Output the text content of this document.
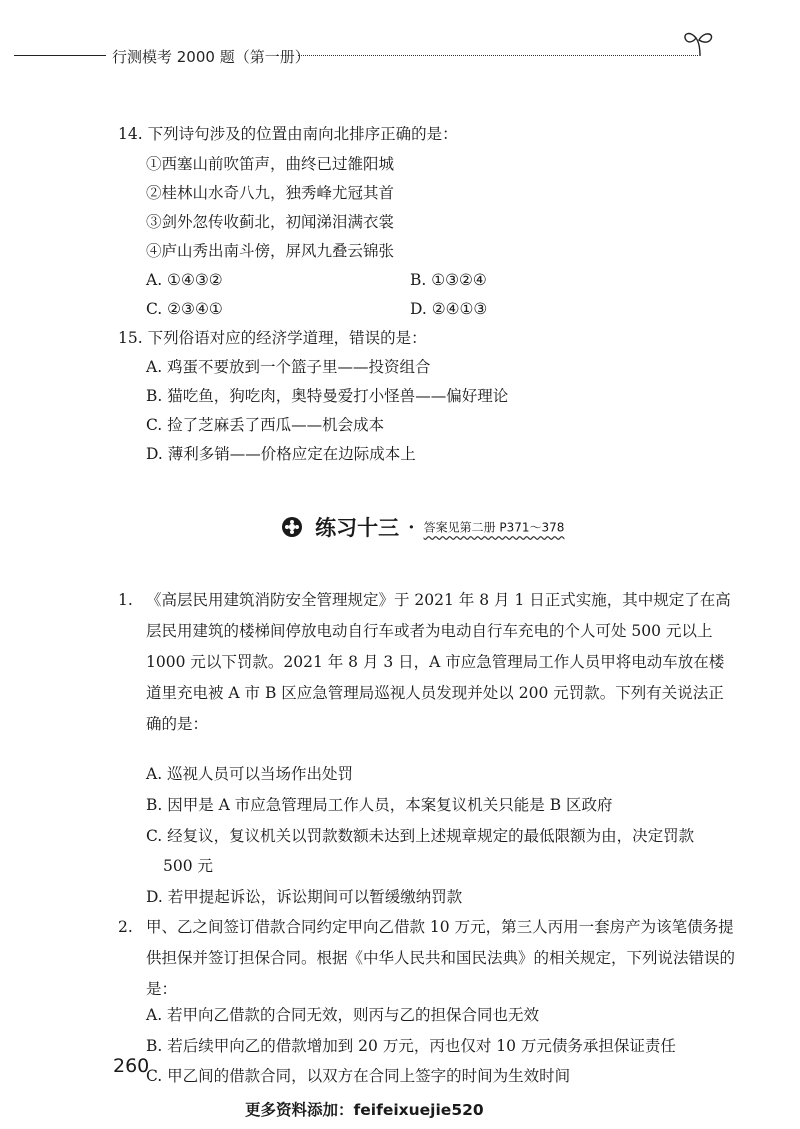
行测模考 2000 题（第一册）
14. 下列诗句涉及的位置由南向北排序正确的是：
①西塞山前吹笛声，曲终已过雒阳城
②桂林山水奇八九，独秀峰尤冠其首
③剑外忽传收蓟北，初闻涕泪满衣裳
④庐山秀出南斗傍，屏风九叠云锦张
A. ①④③②	B. ①③②④
C. ②③④①	D. ②④①③
15. 下列俗语对应的经济学道理，错误的是：
A. 鸡蛋不要放到一个篮子里——投资组合
B. 猫吃鱼，狗吃肉，奥特曼爱打小怪兽——偏好理论
C. 捡了芝麻丢了西瓜——机会成本
D. 薄利多销——价格应定在边际成本上
练习十三 · 答案见第二册 P371～378
1. 《高层民用建筑消防安全管理规定》于 2021 年 8 月 1 日正式实施，其中规定了在高层民用建筑的楼梯间停放电动自行车或者为电动自行车充电的个人可处 500 元以上 1000 元以下罚款。2021 年 8 月 3 日，A 市应急管理局工作人员甲将电动车放在楼道里充电被 A 市 B 区应急管理局巡视人员发现并处以 200 元罚款。下列有关说法正确的是：
A. 巡视人员可以当场作出处罚
B. 因甲是 A 市应急管理局工作人员，本案复议机关只能是 B 区政府
C. 经复议，复议机关以罚款数额未达到上述规章规定的最低限额为由，决定罚款
500 元
D. 若甲提起诉讼，诉讼期间可以暂缓缴纳罚款
2. 甲、乙之间签订借款合同约定甲向乙借款 10 万元，第三人丙用一套房产为该笔债务提供担保并签订担保合同。根据《中华人民共和国民法典》的相关规定，下列说法错误的是：
A. 若甲向乙借款的合同无效，则丙与乙的担保合同也无效
B. 若后续甲向乙的借款增加到 20 万元，丙也仅对 10 万元债务承担保证责任
C. 甲乙间的借款合同，以双方在合同上签字的时间为生效时间
260
更多资料添加：feifeixuejie520
